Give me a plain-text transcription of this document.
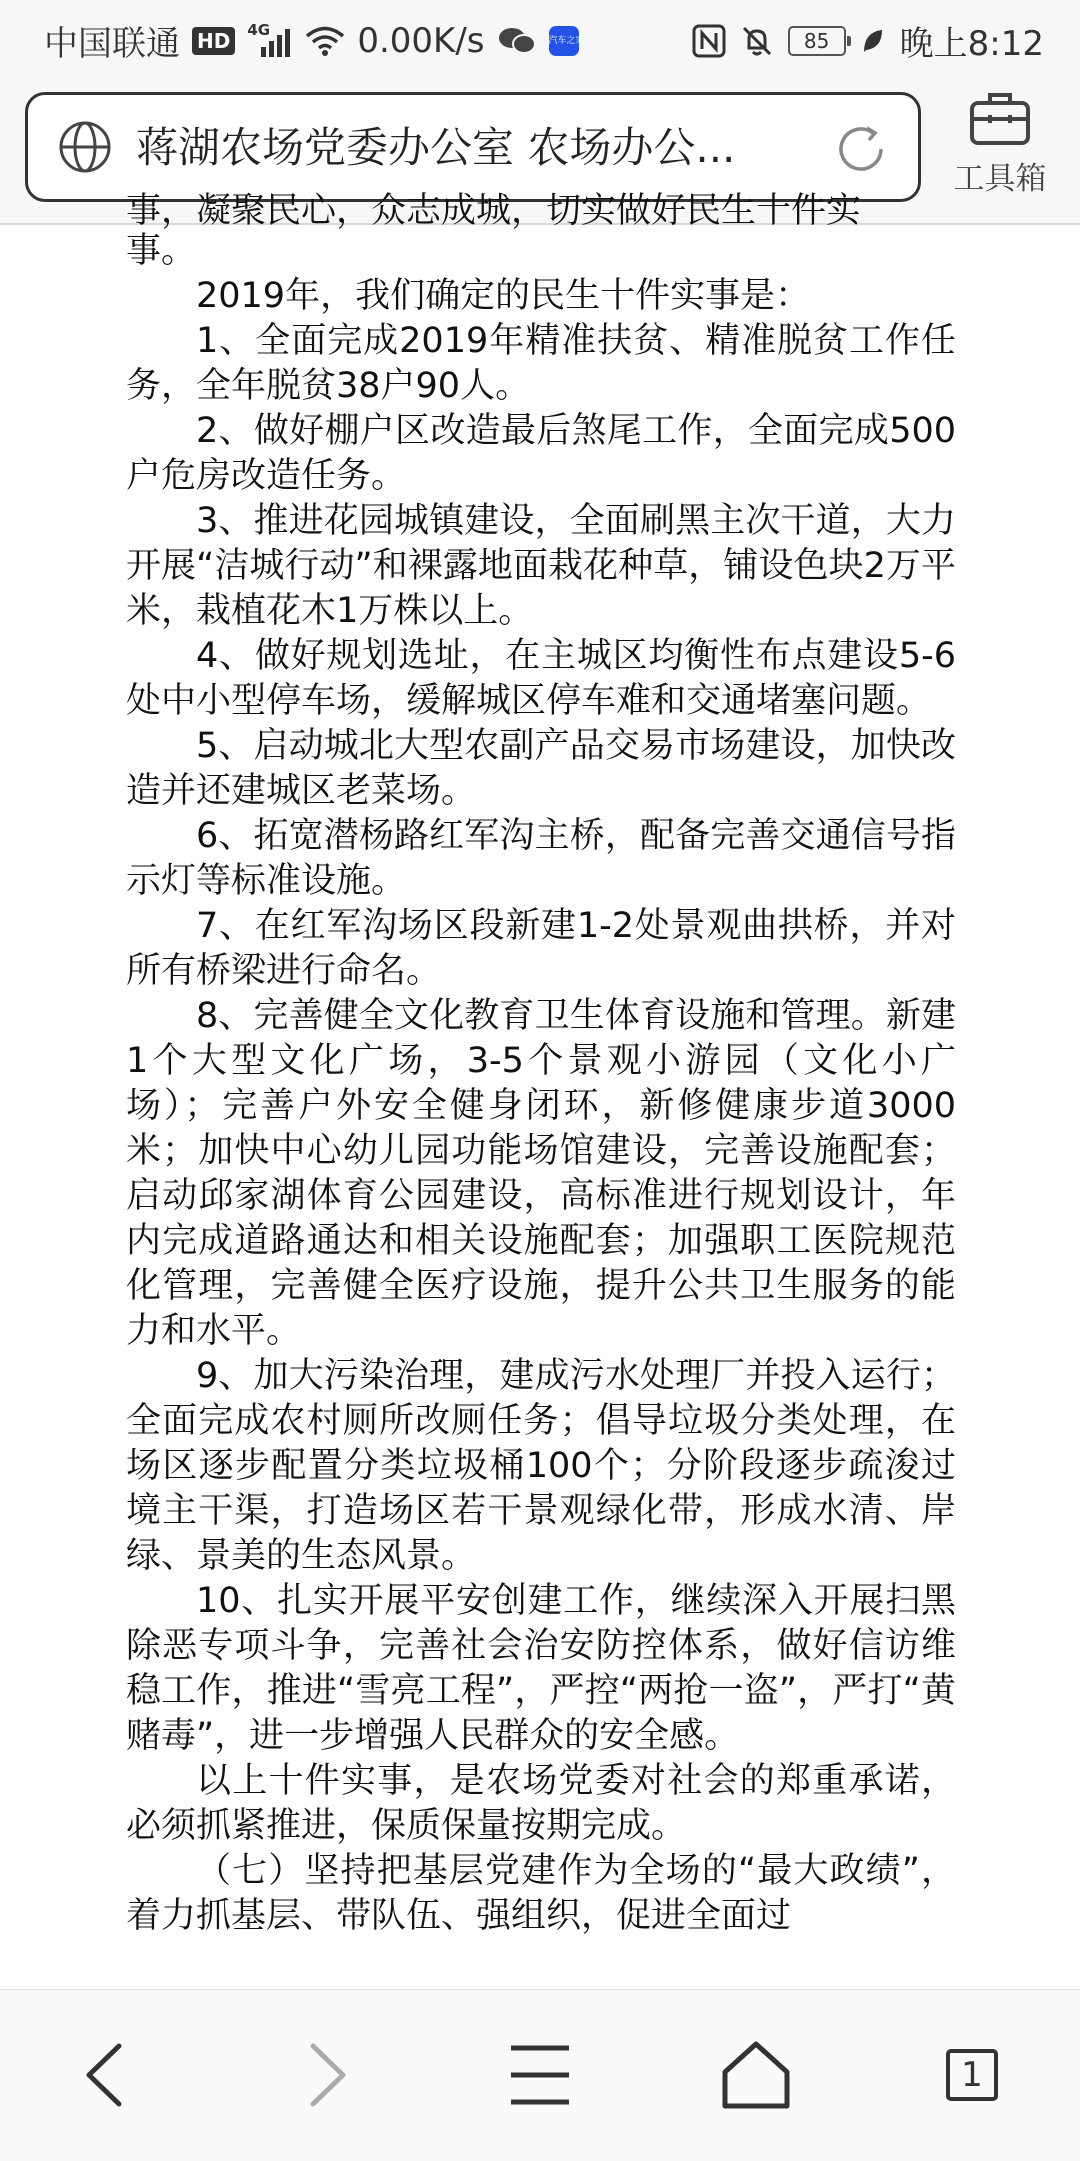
中国联通 HD	4G	0.00K/s	汽车之家	85	晚上8:12
蒋湖农场党委办公室 农场办公...
工具箱

事，凝聚民心，众志成城，切实做好民生十件实

事。

2019年，我们确定的民生十件实事是：

1、全面完成2019年精准扶贫、精准脱贫工作任务，全年脱贫38户90人。

2、做好棚户区改造最后煞尾工作，全面完成500户危房改造任务。

3、推进花园城镇建设，全面刷黑主次干道，大力开展“洁城行动”和裸露地面栽花种草，铺设色块2万平米，栽植花木1万株以上。

4、做好规划选址，在主城区均衡性布点建设5-6处中小型停车场，缓解城区停车难和交通堵塞问题。

5、启动城北大型农副产品交易市场建设，加快改造并还建城区老菜场。

6、拓宽潜杨路红军沟主桥，配备完善交通信号指示灯等标准设施。

7、在红军沟场区段新建1-2处景观曲拱桥，并对所有桥梁进行命名。

8、完善健全文化教育卫生体育设施和管理。新建1个大型文化广场，3-5个景观小游园（文化小广场）；完善户外安全健身闭环，新修健康步道3000米；加快中心幼儿园功能场馆建设，完善设施配套；启动邱家湖体育公园建设，高标准进行规划设计，年内完成道路通达和相关设施配套；加强职工医院规范化管理，完善健全医疗设施，提升公共卫生服务的能力和水平。

9、加大污染治理，建成污水处理厂并投入运行；全面完成农村厕所改厕任务；倡导垃圾分类处理，在场区逐步配置分类垃圾桶100个；分阶段逐步疏浚过境主干渠，打造场区若干景观绿化带，形成水清、岸绿、景美的生态风景。

10、扎实开展平安创建工作，继续深入开展扫黑除恶专项斗争，完善社会治安防控体系，做好信访维稳工作，推进“雪亮工程”，严控“两抢一盗”，严打“黄赌毒”，进一步增强人民群众的安全感。

以上十件实事，是农场党委对社会的郑重承诺，必须抓紧推进，保质保量按期完成。

（七）坚持把基层党建作为全场的“最大政绩”，着力抓基层、带队伍、强组织，促进全面过

1
